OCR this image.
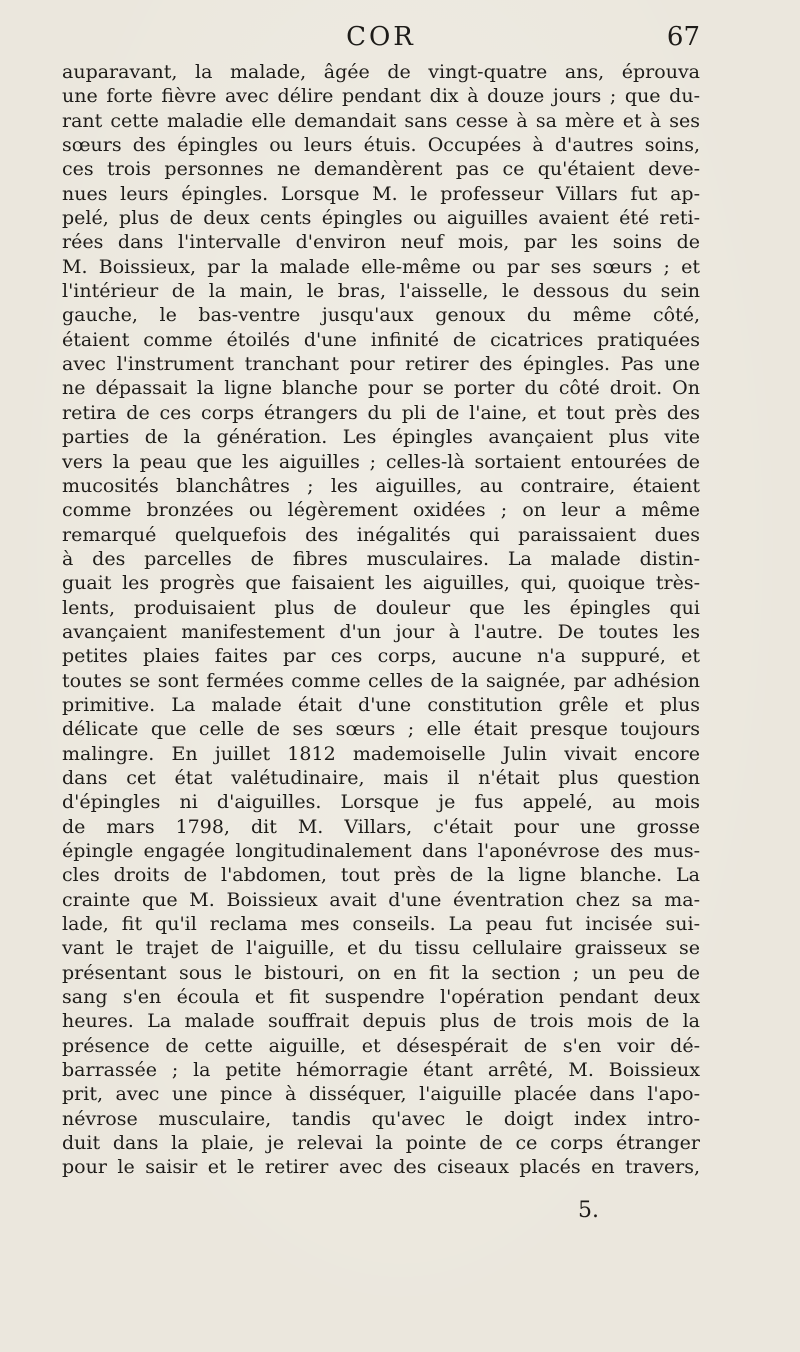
COR	67
auparavant, la malade, âgée de vingt-quatre ans, éprouva
une forte fièvre avec délire pendant dix à douze jours ; que du-
rant cette maladie elle demandait sans cesse à sa mère et à ses
sœurs des épingles ou leurs étuis. Occupées à d'autres soins,
ces trois personnes ne demandèrent pas ce qu'étaient deve-
nues leurs épingles. Lorsque M. le professeur Villars fut ap-
pelé, plus de deux cents épingles ou aiguilles avaient été reti-
rées dans l'intervalle d'environ neuf mois, par les soins de
M. Boissieux, par la malade elle-même ou par ses sœurs ; et
l'intérieur de la main, le bras, l'aisselle, le dessous du sein
gauche, le bas-ventre jusqu'aux genoux du même côté,
étaient comme étoilés d'une infinité de cicatrices pratiquées
avec l'instrument tranchant pour retirer des épingles. Pas une
ne dépassait la ligne blanche pour se porter du côté droit. On
retira de ces corps étrangers du pli de l'aine, et tout près des
parties de la génération. Les épingles avançaient plus vite
vers la peau que les aiguilles ; celles-là sortaient entourées de
mucosités blanchâtres ; les aiguilles, au contraire, étaient
comme bronzées ou légèrement oxidées ; on leur a même
remarqué quelquefois des inégalités qui paraissaient dues
à des parcelles de fibres musculaires. La malade distin-
guait les progrès que faisaient les aiguilles, qui, quoique très-
lents, produisaient plus de douleur que les épingles qui
avançaient manifestement d'un jour à l'autre. De toutes les
petites plaies faites par ces corps, aucune n'a suppuré, et
toutes se sont fermées comme celles de la saignée, par adhésion
primitive. La malade était d'une constitution grêle et plus
délicate que celle de ses sœurs ; elle était presque toujours
malingre. En juillet 1812 mademoiselle Julin vivait encore
dans cet état valétudinaire, mais il n'était plus question
d'épingles ni d'aiguilles. Lorsque je fus appelé, au mois
de mars 1798, dit M. Villars, c'était pour une grosse
épingle engagée longitudinalement dans l'aponévrose des mus-
cles droits de l'abdomen, tout près de la ligne blanche. La
crainte que M. Boissieux avait d'une éventration chez sa ma-
lade, fit qu'il reclama mes conseils. La peau fut incisée sui-
vant le trajet de l'aiguille, et du tissu cellulaire graisseux se
présentant sous le bistouri, on en fit la section ; un peu de
sang s'en écoula et fit suspendre l'opération pendant deux
heures. La malade souffrait depuis plus de trois mois de la
présence de cette aiguille, et désespérait de s'en voir dé-
barrassée ; la petite hémorragie étant arrêté, M. Boissieux
prit, avec une pince à disséquer, l'aiguille placée dans l'apo-
névrose musculaire, tandis qu'avec le doigt index intro-
duit dans la plaie, je relevai la pointe de ce corps étranger
pour le saisir et le retirer avec des ciseaux placés en travers,
5.
